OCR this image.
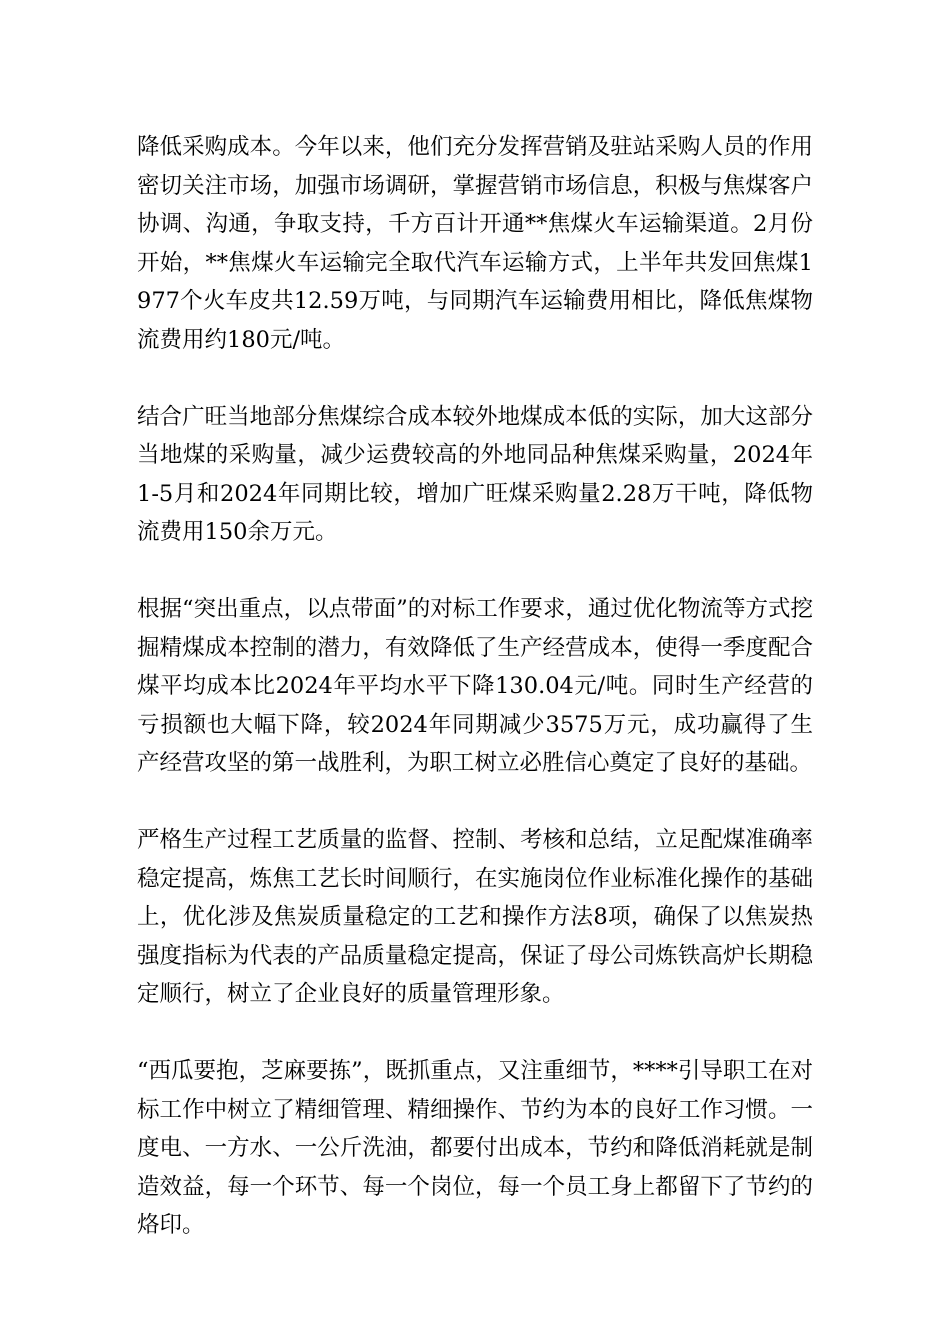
降低采购成本。今年以来，他们充分发挥营销及驻站采购人员的作用密切关注市场，加强市场调研，掌握营销市场信息，积极与焦煤客户协调、沟通，争取支持，千方百计开通**焦煤火车运输渠道。2月份开始，**焦煤火车运输完全取代汽车运输方式，上半年共发回焦煤1977个火车皮共12.59万吨，与同期汽车运输费用相比，降低焦煤物流费用约180元/吨。

结合广旺当地部分焦煤综合成本较外地煤成本低的实际，加大这部分当地煤的采购量，减少运费较高的外地同品种焦煤采购量，2024年1-5月和2024年同期比较，增加广旺煤采购量2.28万干吨，降低物流费用150余万元。

根据“突出重点，以点带面”的对标工作要求，通过优化物流等方式挖掘精煤成本控制的潜力，有效降低了生产经营成本，使得一季度配合煤平均成本比2024年平均水平下降130.04元/吨。同时生产经营的亏损额也大幅下降，较2024年同期减少3575万元，成功赢得了生产经营攻坚的第一战胜利，为职工树立必胜信心奠定了良好的基础。

严格生产过程工艺质量的监督、控制、考核和总结，立足配煤准确率稳定提高，炼焦工艺长时间顺行，在实施岗位作业标准化操作的基础上，优化涉及焦炭质量稳定的工艺和操作方法8项，确保了以焦炭热强度指标为代表的产品质量稳定提高，保证了母公司炼铁高炉长期稳定顺行，树立了企业良好的质量管理形象。

“西瓜要抱，芝麻要拣”，既抓重点，又注重细节，****引导职工在对标工作中树立了精细管理、精细操作、节约为本的良好工作习惯。一度电、一方水、一公斤洗油，都要付出成本，节约和降低消耗就是制造效益，每一个环节、每一个岗位，每一个员工身上都留下了节约的烙印。
